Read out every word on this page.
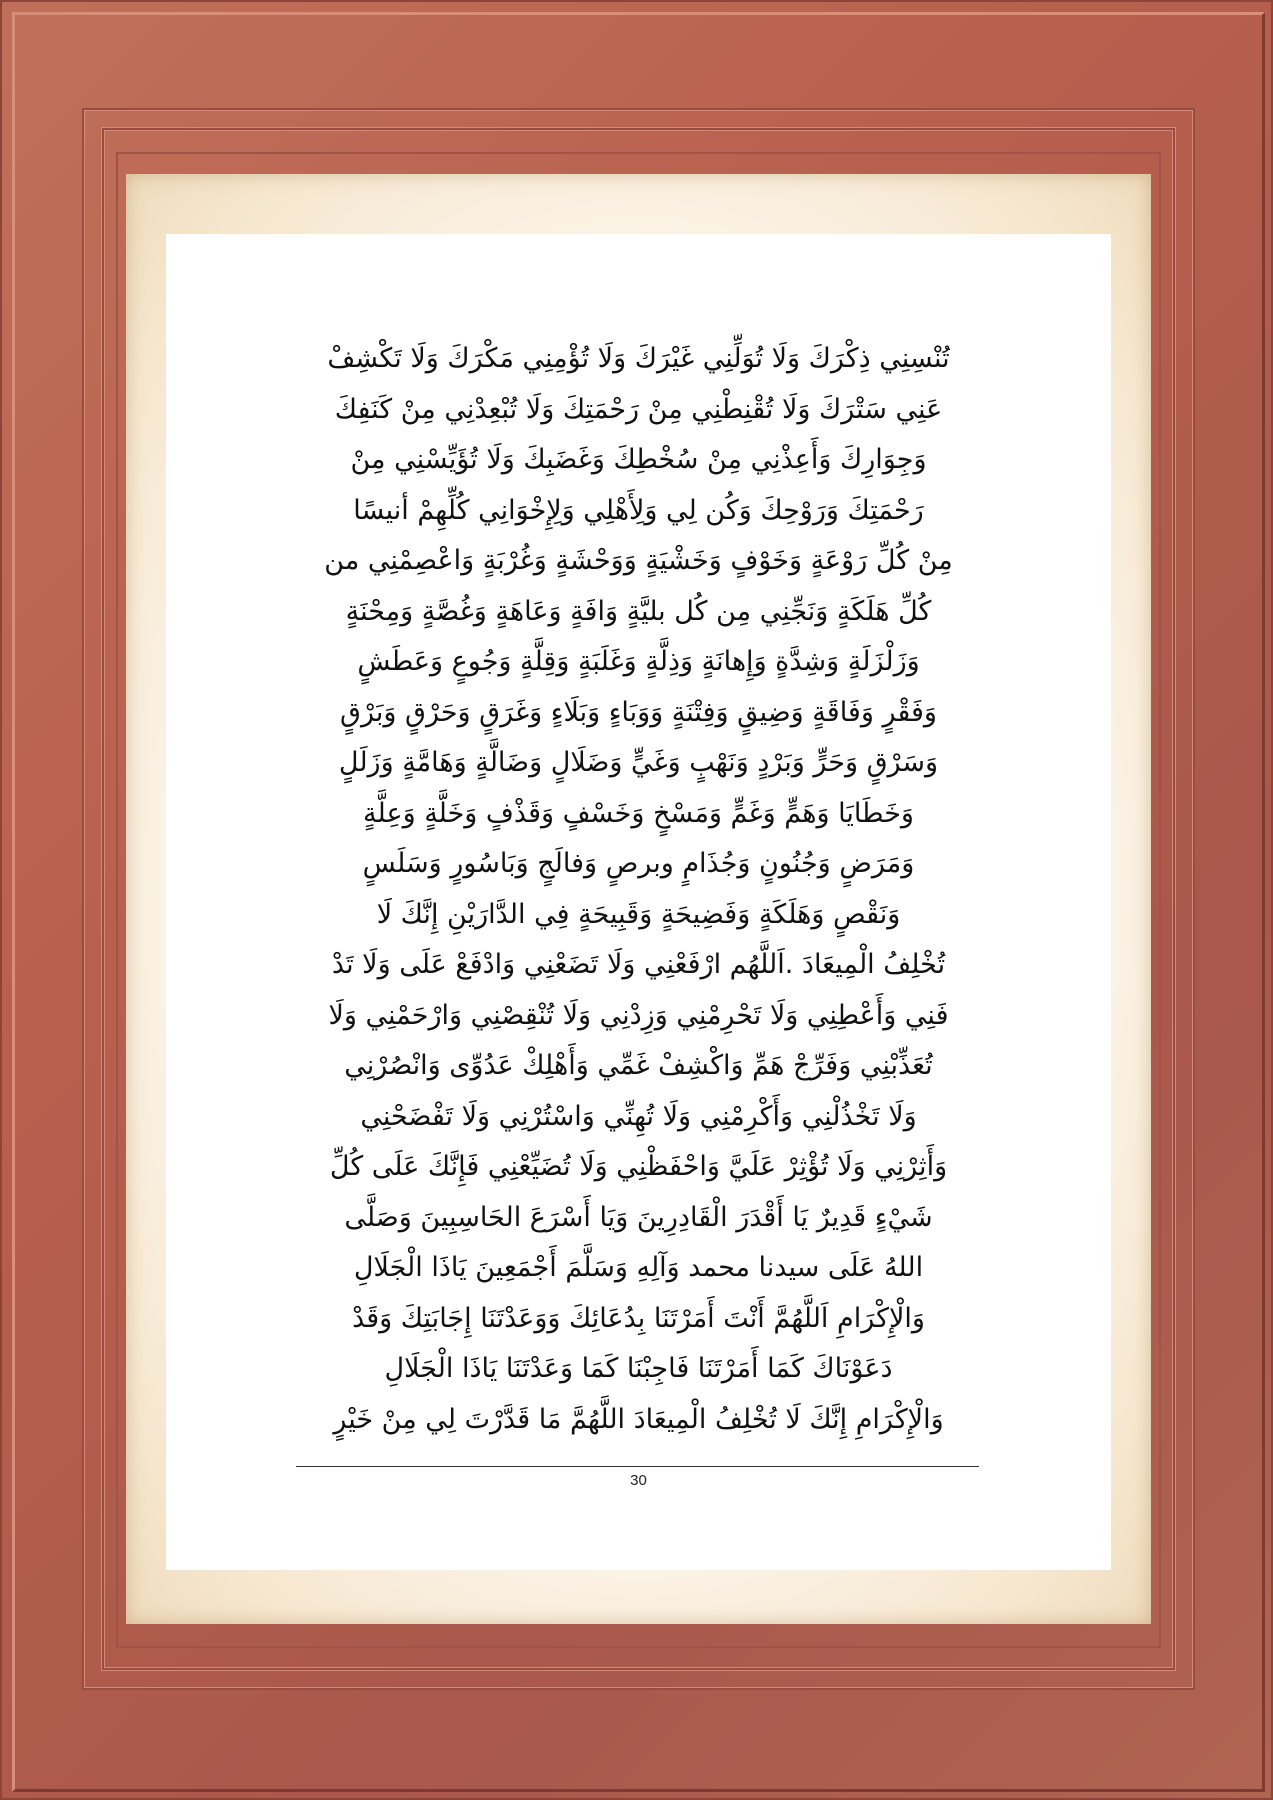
تُنْسِنِي ذِكْرَكَ وَلَا تُوَلِّنِي غَيْرَكَ وَلَا تُؤْمِنِي مَكْرَكَ وَلَا تَكْشِفْ
عَنِي سَتْرَكَ وَلَا تُقْنِطْنِي مِنْ رَحْمَتِكَ وَلَا تُبْعِدْنِي مِنْ كَنَفِكَ
وَجِوَارِكَ وَأَعِذْنِي مِنْ سُخْطِكَ وَغَضَبِكَ وَلَا تُؤَيِّسْنِي مِنْ
رَحْمَتِكَ وَرَوْحِكَ وَكُن لِي وَلِأَهْلِي وَلِإِخْوَانِي كُلِّهِمْ أنيسًا
مِنْ كُلِّ رَوْعَةٍ وَخَوْفٍ وَخَشْيَةٍ وَوَحْشَةٍ وَغُرْبَةٍ وَاعْصِمْنِي من
كُلِّ هَلَكَةٍ وَنَجِّنِي مِن كُل بليَّةٍ وَافَةٍ وَعَاهَةٍ وَغُصَّةٍ وَمِحْنَةٍ
وَزَلْزَلَةٍ وَشِدَّةٍ وَإِهانَةٍ وَذِلَّةٍ وَغَلَبَةٍ وَقِلَّةٍ وَجُوعٍ وَعَطَشٍ
وَفَقْرٍ وَفَاقَةٍ وَضِيقٍ وَفِتْنَةٍ وَوَبَاءٍ وَبَلَاءٍ وَغَرَقٍ وَحَرْقٍ وَبَرْقٍ
وَسَرْقٍ وَحَرٍّ وَبَرْدٍ وَنَهْبٍ وَغَيٍّ وَضَلَالٍ وَضَالَّةٍ وَهَامَّةٍ وَزَلَلٍ
وَخَطَايَا وَهَمٍّ وَغَمٍّ وَمَسْخٍ وَخَسْفٍ وَقَذْفٍ وَخَلَّةٍ وَعِلَّةٍ
وَمَرَضٍ وَجُنُونٍ وَجُذَامٍ وبرصٍ وَفالَجٍ وَبَاسُورٍ وَسَلَسٍ
وَنَقْصٍ وَهَلَكَةٍ وَفَضِيحَةٍ وَقَبِيحَةٍ فِي الدَّارَيْنِ إِنَّكَ لَا
تُخْلِفُ الْمِيعَادَ .اَللَّهُم ارْفَعْنِي وَلَا تَضَعْنِي وَادْفَعْ عَلَى وَلَا تَدْ
فَنِي وَأَعْطِنِي وَلَا تَحْرِمْنِي وَزِدْنِي وَلَا تُنْقِصْنِي وَارْحَمْنِي وَلَا
تُعَذِّبْنِي وَفَرِّجْ هَمِّ وَاكْشِفْ غَمِّي وَأَهْلِكْ عَدُوِّى وَانْصُرْنِي
وَلَا تَخْذُلْنِي وَأَكْرِمْنِي وَلَا تُهِنِّي وَاسْتُرْنِي وَلَا تَفْضَحْنِي
وَأَثِرْنِي وَلَا تُؤْثِرْ عَلَيَّ وَاحْفَظْنِي وَلَا تُضَيِّعْنِي فَإِنَّكَ عَلَى كُلِّ
شَيْءٍ قَدِيرٌ يَا أَقْدَرَ الْقَادِرِينَ وَيَا أَسْرَعَ الحَاسِبِينَ وَصَلَّى
اللهُ عَلَى سيدنا محمد وَآلِهِ وَسَلَّمَ أَجْمَعِينَ يَاذَا الْجَلَالِ
وَالْإِكْرَامِ اَللَّهُمَّ أَنْتَ أَمَرْتَنَا بِدُعَائِكَ وَوَعَدْتَنَا إِجَابَتِكَ وَقَدْ
دَعَوْنَاكَ كَمَا أَمَرْتَنَا فَاجِبْنَا كَمَا وَعَدْتَنَا يَاذَا الْجَلَالِ
وَالْإِكْرَامِ إِنَّكَ لَا تُخْلِفُ الْمِيعَادَ اللَّهُمَّ مَا قَدَّرْتَ لِي مِنْ خَيْرٍ
30
